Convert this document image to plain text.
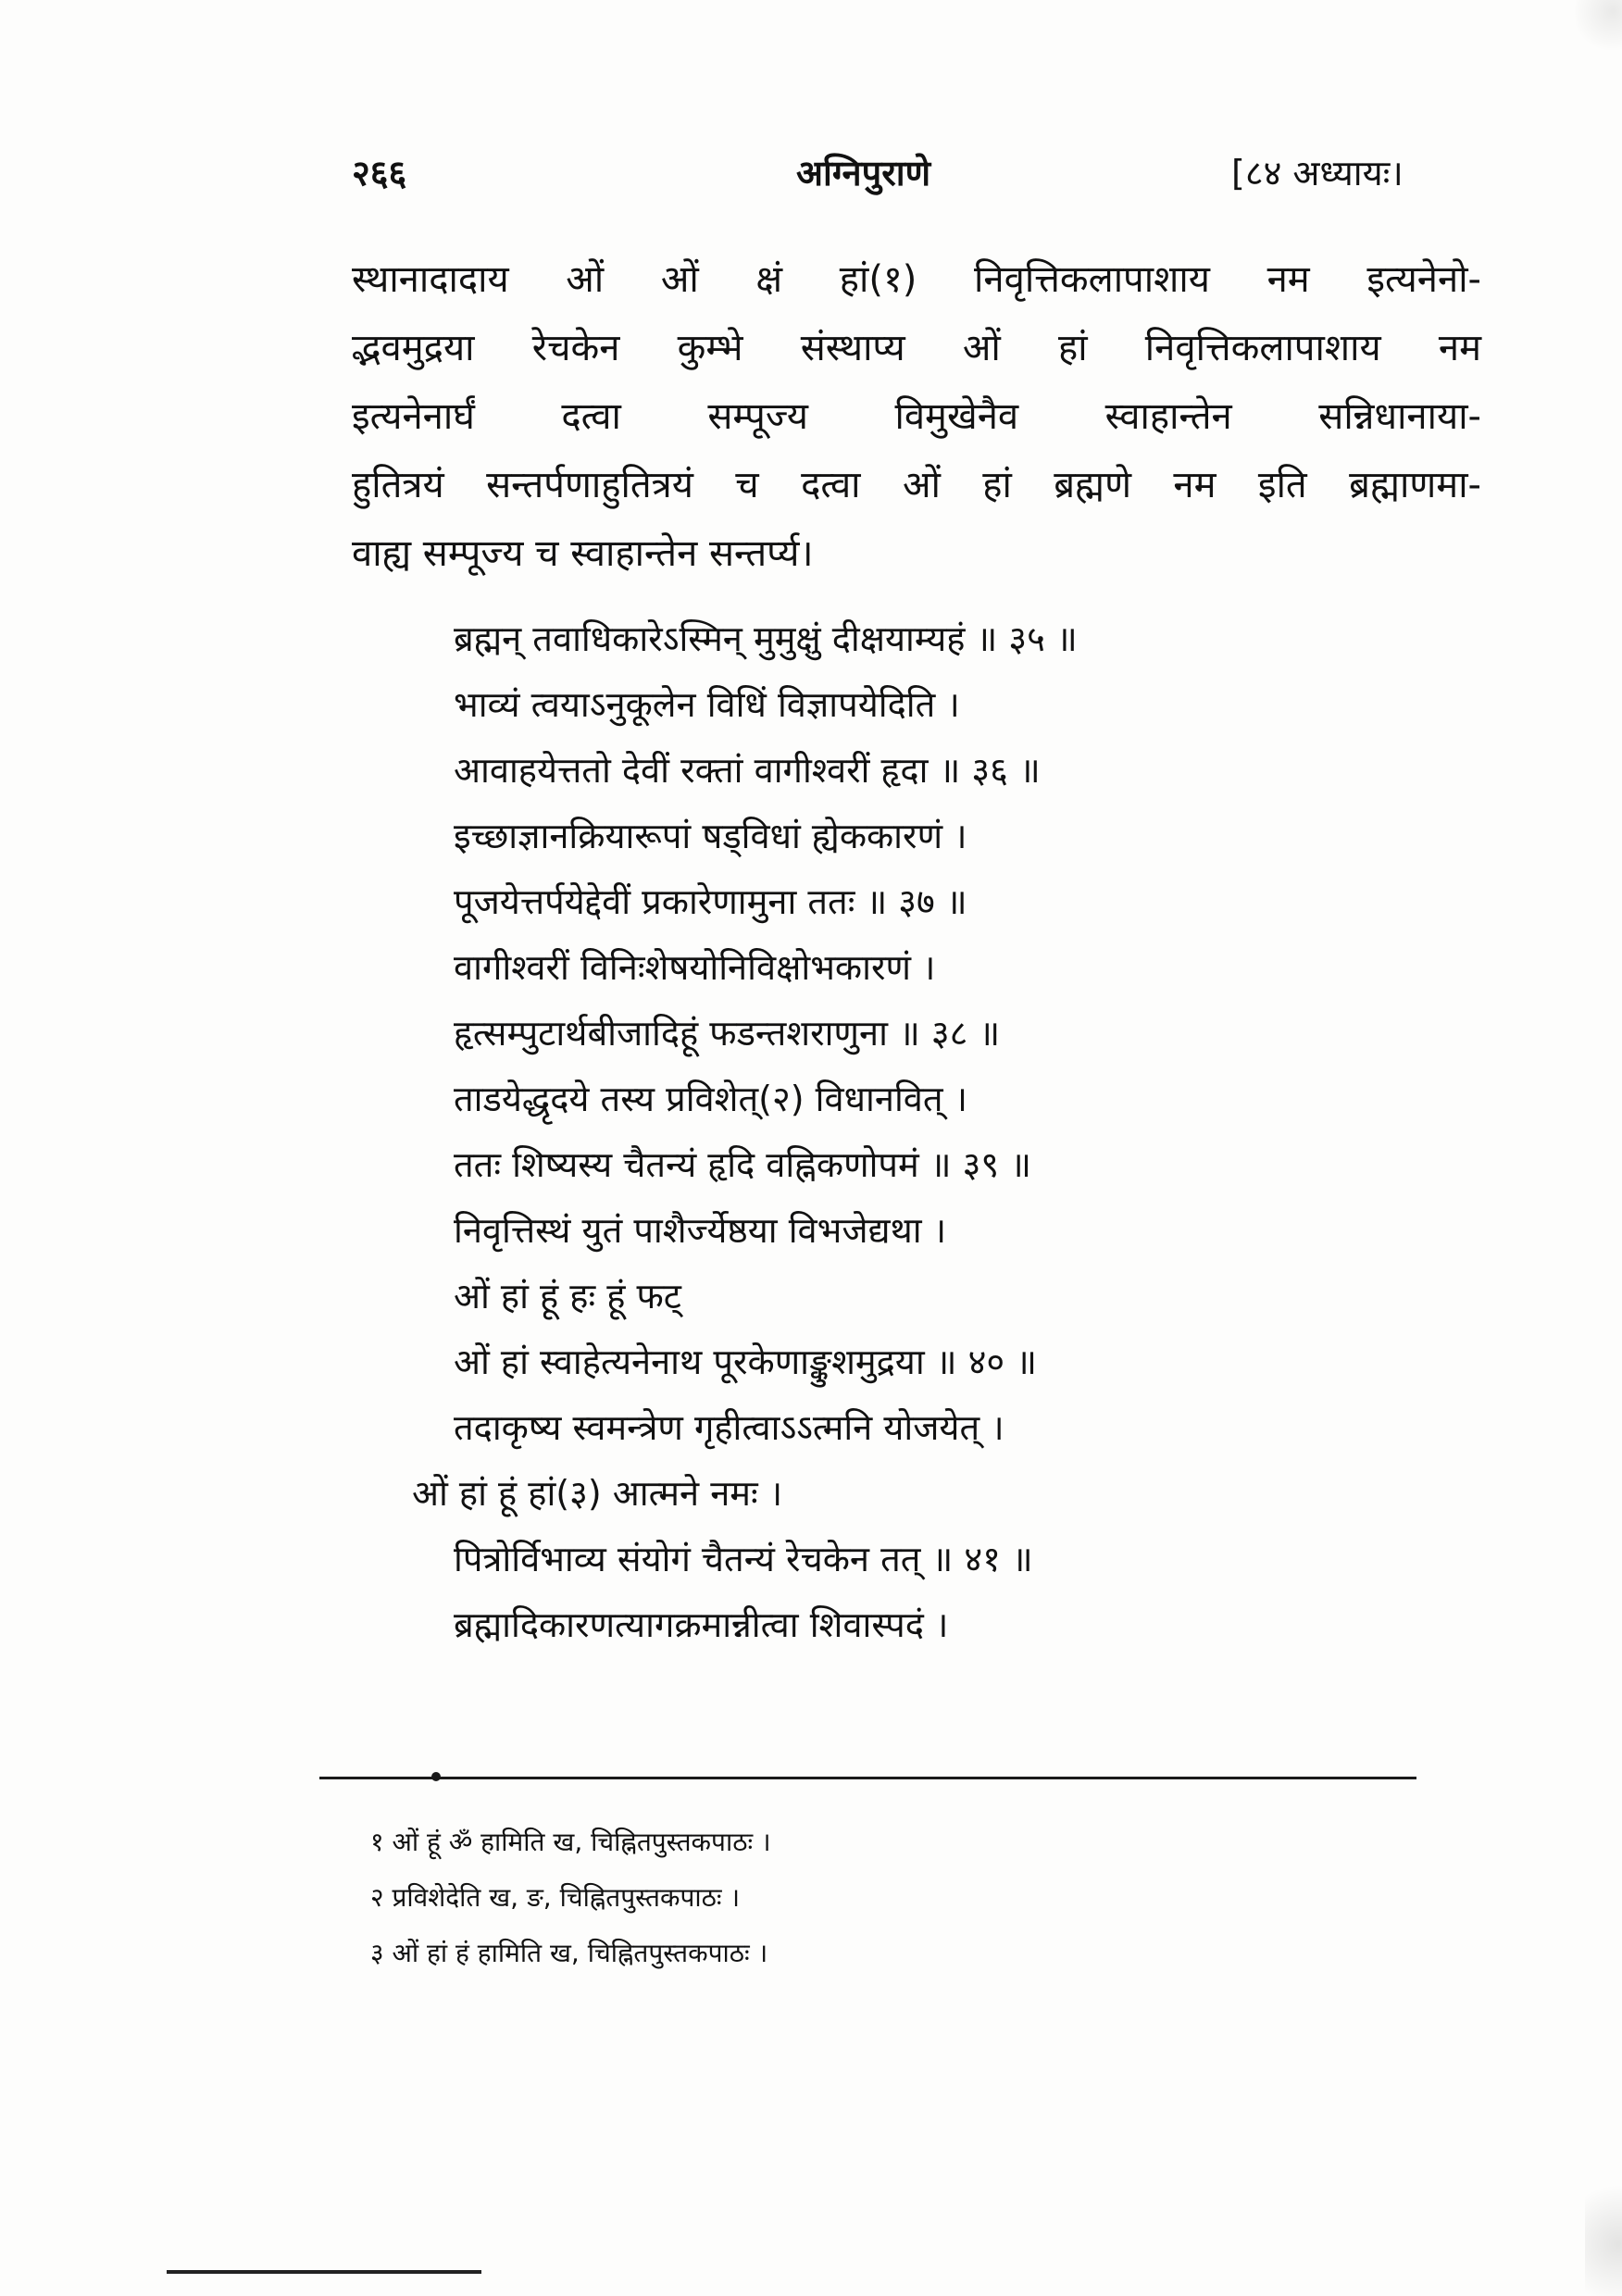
२६६	अग्निपुराणे	[८४ अध्यायः।
स्थानादादाय ओं ओं क्षं हां(१) निवृत्तिकलापाशाय नम इत्यनेनो-
द्भवमुद्रया रेचकेन कुम्भे संस्थाप्य ओं हां निवृत्तिकलापाशाय नम
इत्यनेनार्घं दत्वा सम्पूज्य विमुखेनैव स्वाहान्तेन सन्निधानाया-
हुतित्रयं सन्तर्पणाहुतित्रयं च दत्वा ओं हां ब्रह्मणे नम इति ब्रह्माणमा-
वाह्य सम्पूज्य च स्वाहान्तेन सन्तर्प्य।
ब्रह्मन् तवाधिकारेऽस्मिन् मुमुक्षुं दीक्षयाम्यहं ॥ ३५ ॥
भाव्यं त्वयाऽनुकूलेन विधिं विज्ञापयेदिति ।
आवाहयेत्ततो देवीं रक्तां वागीश्वरीं हृदा ॥ ३६ ॥
इच्छाज्ञानक्रियारूपां षड्विधां ह्येककारणं ।
पूजयेत्तर्पयेद्देवीं प्रकारेणामुना ततः ॥ ३७ ॥
वागीश्वरीं विनिःशेषयोनिविक्षोभकारणं ।
हृत्सम्पुटार्थबीजादिहूं फडन्तशराणुना ॥ ३८ ॥
ताडयेद्धृदये तस्य प्रविशेत्(२) विधानवित् ।
ततः शिष्यस्य चैतन्यं हृदि वह्निकणोपमं ॥ ३९ ॥
निवृत्तिस्थं युतं पाशैर्ज्येष्ठया विभजेद्यथा ।
ओं हां हूं हः हूं फट्
ओं हां स्वाहेत्यनेनाथ पूरकेणाङ्कुशमुद्रया ॥ ४० ॥
तदाकृष्य स्वमन्त्रेण गृहीत्वाऽऽत्मनि योजयेत् ।
ओं हां हूं हां(३) आत्मने नमः ।
पित्रोर्विभाव्य संयोगं चैतन्यं रेचकेन तत् ॥ ४१ ॥
ब्रह्मादिकारणत्यागक्रमान्नीत्वा शिवास्पदं ।
१ ओं हूं ॐ हामिति ख, चिह्नितपुस्तकपाठः ।
२ प्रविशेदेति ख, ङ, चिह्नितपुस्तकपाठः ।
३ ओं हां हं हामिति ख, चिह्नितपुस्तकपाठः ।
